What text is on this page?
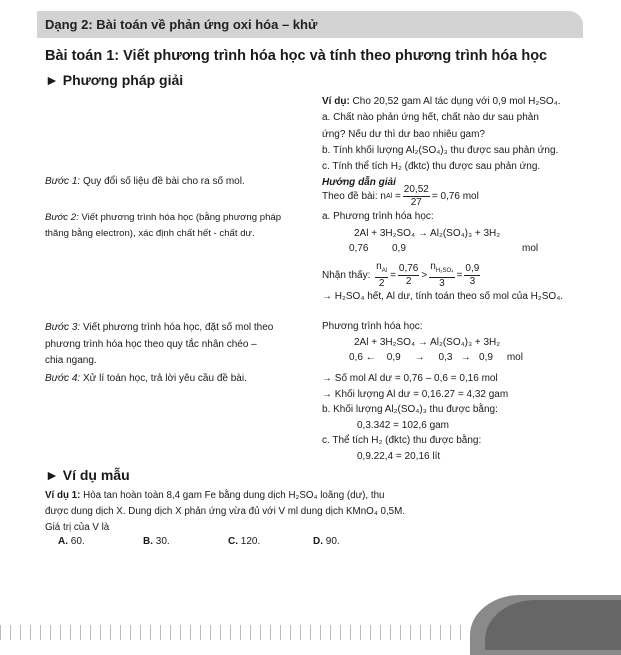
Dạng 2: Bài toán về phản ứng oxi hóa – khử
Bài toán 1: Viết phương trình hóa học và tính theo phương trình hóa học
► Phương pháp giải
Bước 1: Quy đổi số liệu đề bài cho ra số mol.
Bước 2: Viết phương trình hóa học (bằng phương pháp
thăng bằng electron), xác định chất hết - chất dư.
Bước 3: Viết phương trình hóa học, đặt số mol theo
phương trình hóa học theo quy tắc nhân chéo –
chia ngang.
Bước 4: Xử lí toán học, trả lời yêu cầu đề bài.
Ví dụ: Cho 20,52 gam Al tác dụng với 0,9 mol H₂SO₄.
a. Chất nào phản ứng hết, chất nào dư sau phản
ứng? Nếu dư thì dư bao nhiêu gam?
b. Tính khối lượng Al₂(SO₄)₃ thu được sau phản ứng.
c. Tính thể tích H₂ (đktc) thu được sau phản ứng.
Hướng dẫn giải
Theo đề bài: n $Al = \frac{20,52}{27} = 0,76$ mol
a. Phương trình hóa học:
2Al + 3H₂SO₄ → Al₂(SO₄)₃ + 3H₂
0,76 0,9	mol
Nhận thấy:
$\frac{n_{Al}}{2} = \frac{0,76}{2} > \frac{n_{H_2SO_4}}{3} = \frac{0,9}{3}$
→ H₂SO₄ hết, Al dư, tính toán theo số mol của H₂SO₄.
Phương trình hóa học:
2Al + 3H₂SO₄ → Al₂(SO₄)₃ + 3H₂
0,6 ←    0,9     →     0,3   →   0,9     mol
→ Số mol Al dư = 0,76 – 0,6 = 0,16 mol
→ Khối lượng Al dư = 0,16.27 = 4,32 gam
b. Khối lượng Al₂(SO₄)₃ thu được bằng:
0,3.342 = 102,6 gam
c. Thể tích H₂ (đktc) thu được bằng:
0,9.22,4 = 20,16 lít
► Ví dụ mẫu
Ví dụ 1: Hòa tan hoàn toàn 8,4 gam Fe bằng dung dịch H₂SO₄ loãng (dư), thu
được dung dịch X. Dung dịch X phản ứng vừa đủ với V ml dung dịch KMnO₄ 0,5M.
Giá trị của V là
A. 60.	B. 30.	C. 120.	D. 90.
85
